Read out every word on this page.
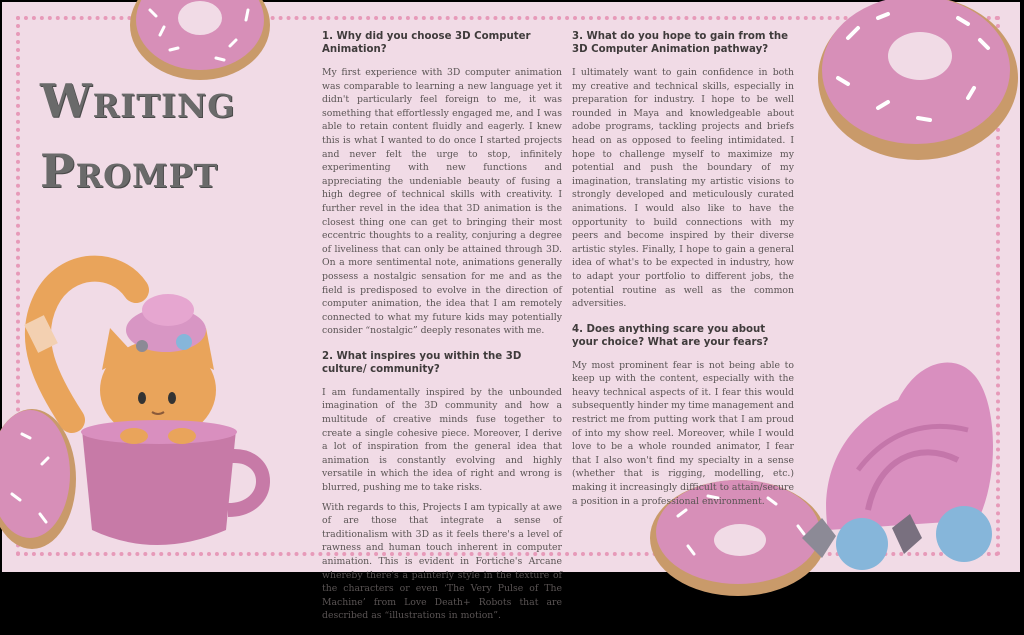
Writing
Prompt
1. Why did you choose 3D Computer Animation?
My first experience with 3D computer animation was comparable to learning a new language yet it didn't particularly feel foreign to me, it was something that effortlessly engaged me, and I was able to retain content fluidly and eagerly. I knew this is what I wanted to do once I started projects and never felt the urge to stop, infinitely experimenting with new functions and appreciating the undeniable beauty of fusing a high degree of technical skills with creativity. I further revel in the idea that 3D animation is the closest thing one can get to bringing their most eccentric thoughts to a reality, conjuring a degree of liveliness that can only be attained through 3D. On a more sentimental note, animations generally possess a nostalgic sensation for me and as the field is predisposed to evolve in the direction of computer animation, the idea that I am remotely connected to what my future kids may potentially consider “nostalgic” deeply resonates with me.
2. What inspires you within the 3D culture/ community?
I am fundamentally inspired by the unbounded imagination of the 3D community and how a multitude of creative minds fuse together to create a single cohesive piece. Moreover, I derive a lot of inspiration from the general idea that animation is constantly evolving and highly versatile in which the idea of right and wrong is blurred, pushing me to take risks.
With regards to this, Projects I am typically at awe of are those that integrate a sense of traditionalism with 3D as it feels there's a level of rawness and human touch inherent in computer animation. This is evident in Fortiche's Arcane whereby there's a painterly style in the texture of the characters or even ‘The Very Pulse of The Machine’ from Love Death+ Robots that are described as “illustrations in motion”.
3. What do you hope to gain from the 3D Computer Animation pathway?
I ultimately want to gain confidence in both my creative and technical skills, especially in preparation for industry. I hope to be well rounded in Maya and knowledgeable about adobe programs, tackling projects and briefs head on as opposed to feeling intimidated. I hope to challenge myself to maximize my potential and push the boundary of my imagination, translating my artistic visions to strongly developed and meticulously curated animations. I would also like to have the opportunity to build connections with my peers and become inspired by their diverse artistic styles. Finally, I hope to gain a general idea of what's to be expected in industry, how to adapt your portfolio to different jobs, the potential routine as well as the common adversities.
4. Does anything scare you about your choice? What are your fears?
My most prominent fear is not being able to keep up with the content, especially with the heavy technical aspects of it. I fear this would subsequently hinder my time management and restrict me from putting work that I am proud of into my show reel. Moreover, while I would love to be a whole rounded animator, I fear that I also won't find my specialty in a sense (whether that is rigging, modelling, etc.) making it increasingly difficult to attain/secure a position in a professional environment.
